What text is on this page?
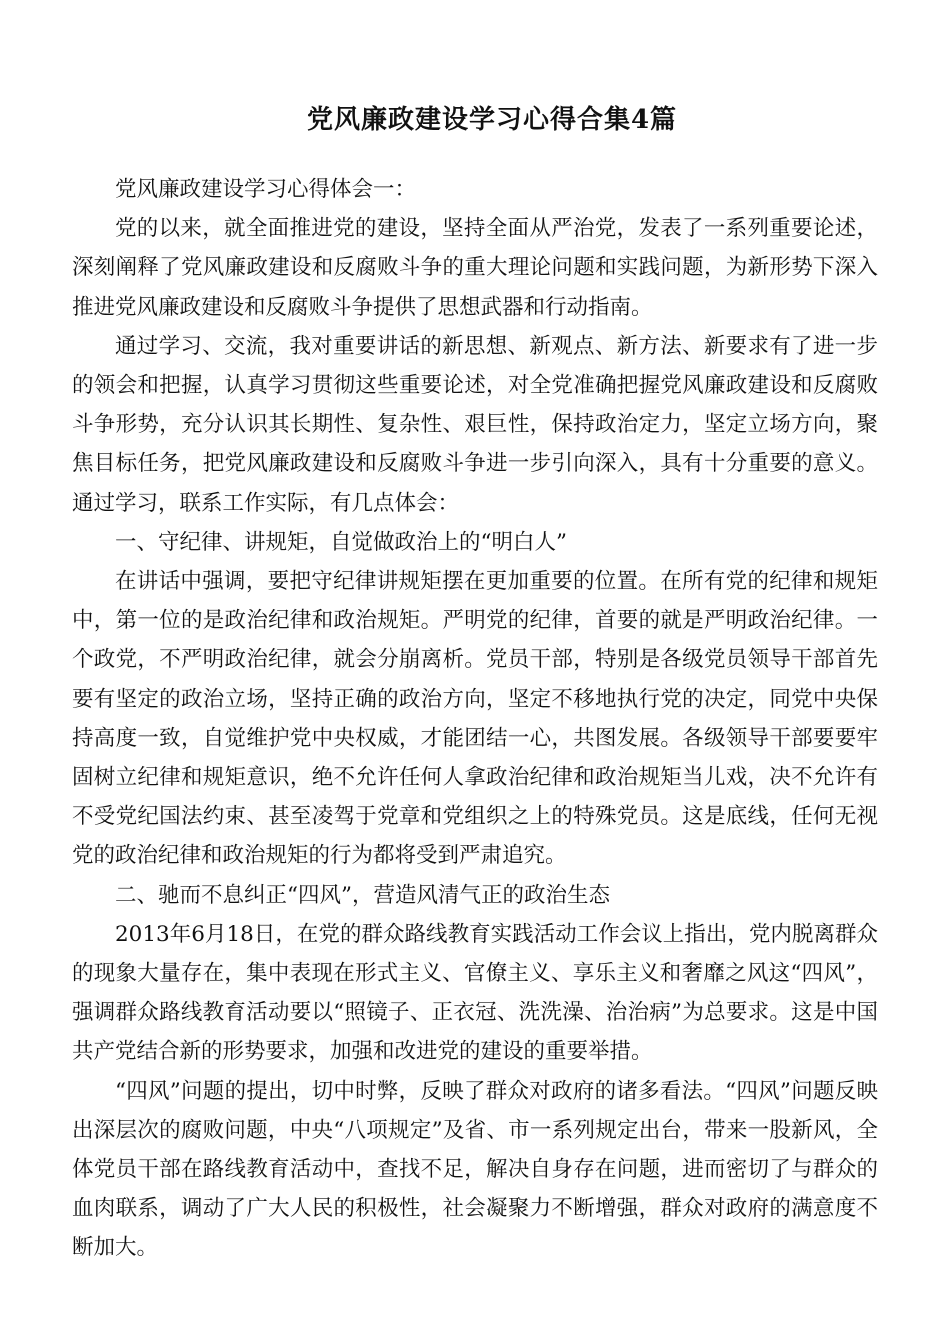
党风廉政建设学习心得合集4篇

党风廉政建设学习心得体会一：

党的以来，就全面推进党的建设，坚持全面从严治党，发表了一系列重要论述，深刻阐释了党风廉政建设和反腐败斗争的重大理论问题和实践问题，为新形势下深入推进党风廉政建设和反腐败斗争提供了思想武器和行动指南。

通过学习、交流，我对重要讲话的新思想、新观点、新方法、新要求有了进一步的领会和把握，认真学习贯彻这些重要论述，对全党准确把握党风廉政建设和反腐败斗争形势，充分认识其长期性、复杂性、艰巨性，保持政治定力，坚定立场方向，聚焦目标任务，把党风廉政建设和反腐败斗争进一步引向深入，具有十分重要的意义。通过学习，联系工作实际，有几点体会：

一、守纪律、讲规矩，自觉做政治上的“明白人”

在讲话中强调，要把守纪律讲规矩摆在更加重要的位置。在所有党的纪律和规矩中，第一位的是政治纪律和政治规矩。严明党的纪律，首要的就是严明政治纪律。一个政党，不严明政治纪律，就会分崩离析。党员干部，特别是各级党员领导干部首先要有坚定的政治立场，坚持正确的政治方向，坚定不移地执行党的决定，同党中央保持高度一致，自觉维护党中央权威，才能团结一心，共图发展。各级领导干部要要牢固树立纪律和规矩意识，绝不允许任何人拿政治纪律和政治规矩当儿戏，决不允许有不受党纪国法约束、甚至凌驾于党章和党组织之上的特殊党员。这是底线，任何无视党的政治纪律和政治规矩的行为都将受到严肃追究。

二、驰而不息纠正“四风”，营造风清气正的政治生态

2013年6月18日，在党的群众路线教育实践活动工作会议上指出，党内脱离群众的现象大量存在，集中表现在形式主义、官僚主义、享乐主义和奢靡之风这“四风”，强调群众路线教育活动要以“照镜子、正衣冠、洗洗澡、治治病”为总要求。这是中国共产党结合新的形势要求，加强和改进党的建设的重要举措。

“四风”问题的提出，切中时弊，反映了群众对政府的诸多看法。“四风”问题反映出深层次的腐败问题，中央“八项规定”及省、市一系列规定出台，带来一股新风，全体党员干部在路线教育活动中，查找不足，解决自身存在问题，进而密切了与群众的血肉联系，调动了广大人民的积极性，社会凝聚力不断增强，群众对政府的满意度不断加大。
